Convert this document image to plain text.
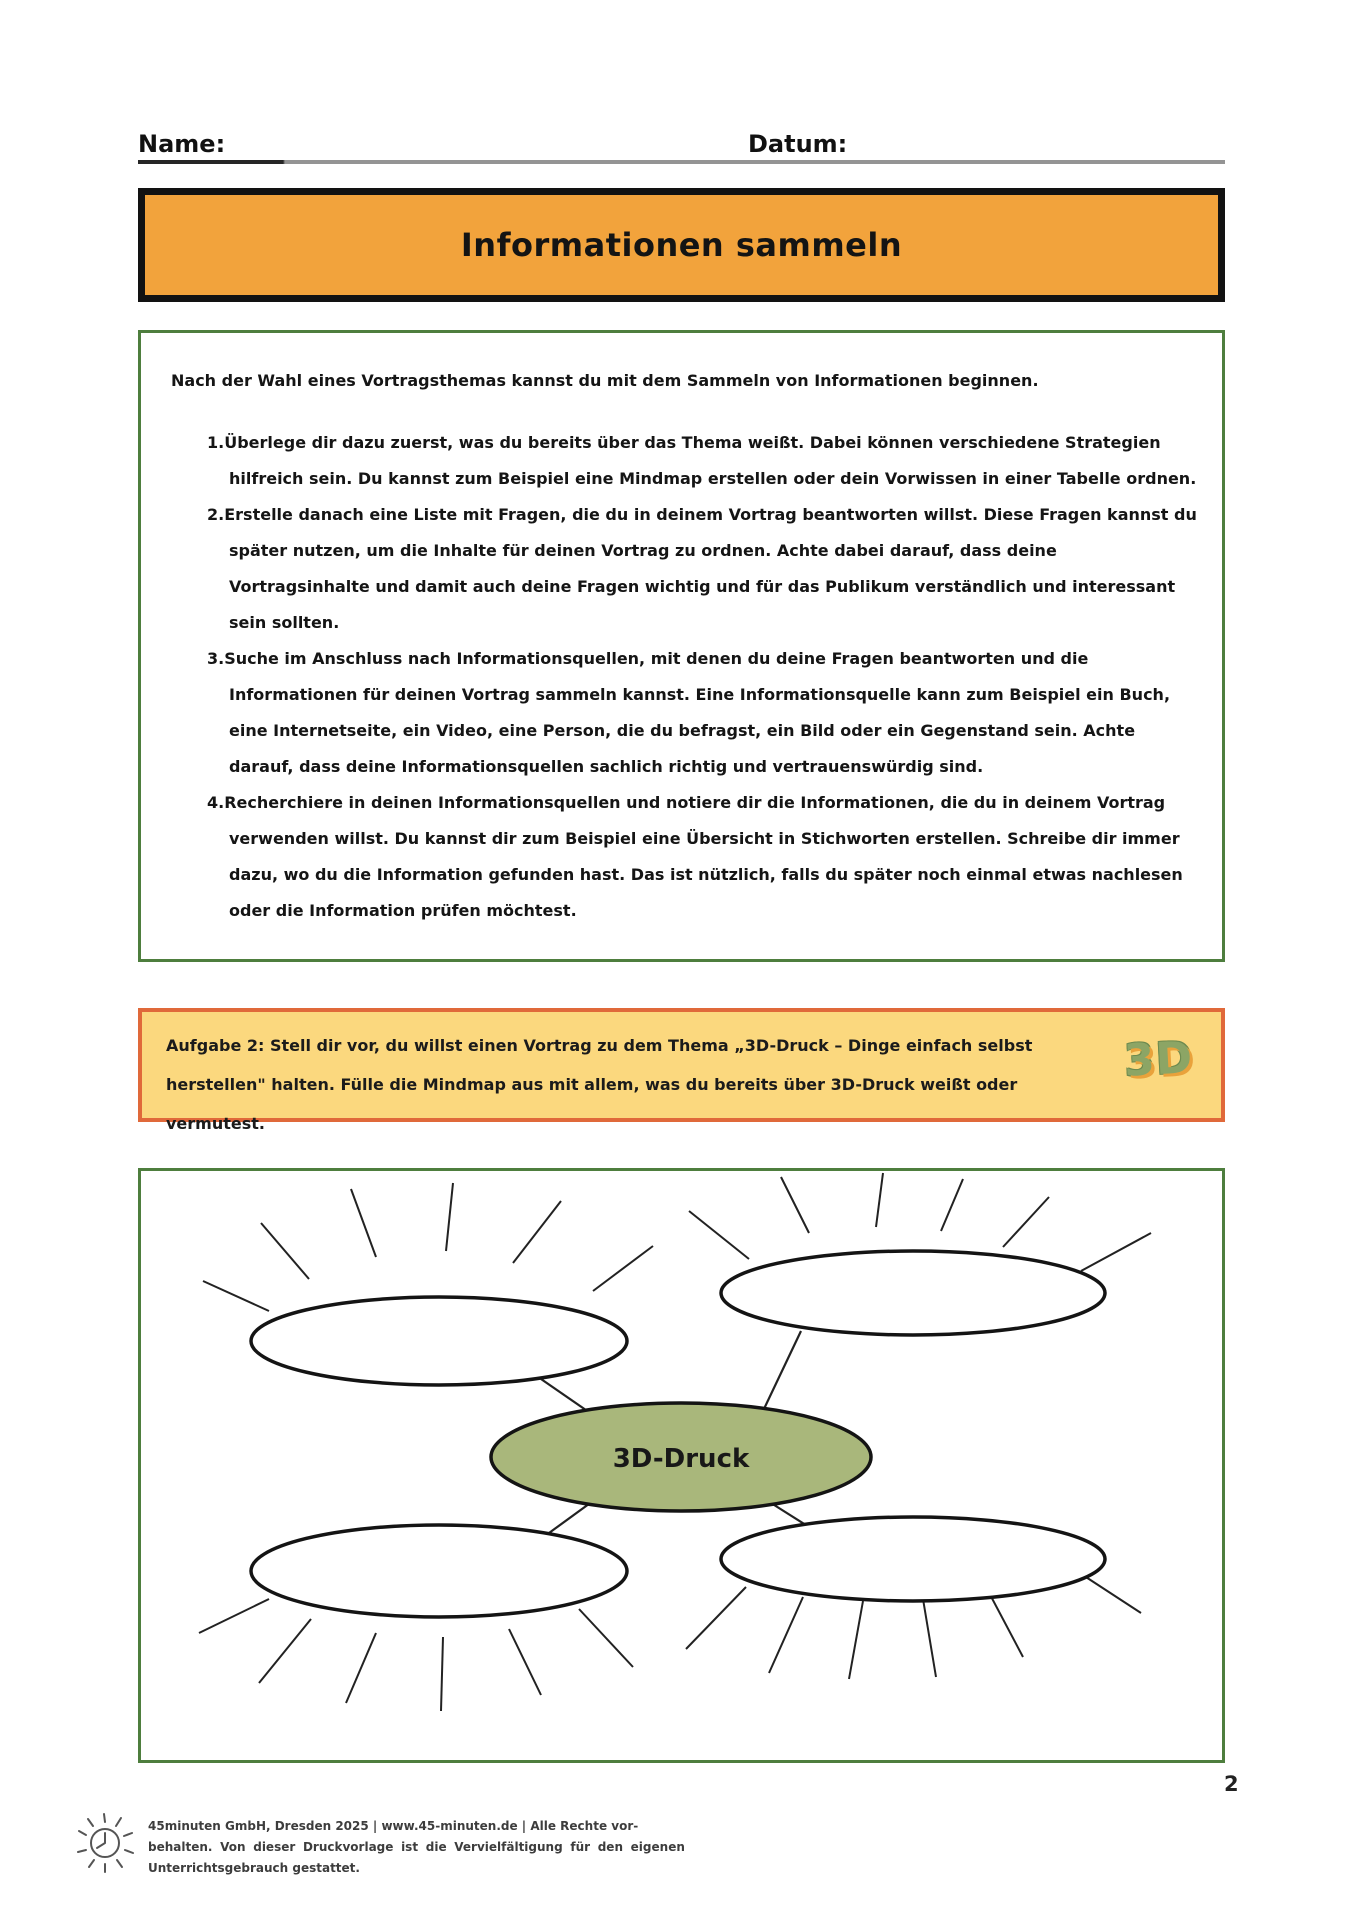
Name:	Datum:
Informationen sammeln

Nach der Wahl eines Vortragsthemas kannst du mit dem Sammeln von Informationen beginnen.

1.Überlege dir dazu zuerst, was du bereits über das Thema weißt. Dabei können verschiedene Strategien hilfreich sein. Du kannst zum Beispiel eine Mindmap erstellen oder dein Vorwissen in einer Tabelle ordnen.
2.Erstelle danach eine Liste mit Fragen, die du in deinem Vortrag beantworten willst. Diese Fragen kannst du später nutzen, um die Inhalte für deinen Vortrag zu ordnen. Achte dabei darauf, dass deine Vortragsinhalte und damit auch deine Fragen wichtig und für das Publikum verständlich und interessant sein sollten.
3.Suche im Anschluss nach Informationsquellen, mit denen du deine Fragen beantworten und die Informationen für deinen Vortrag sammeln kannst. Eine Informationsquelle kann zum Beispiel ein Buch, eine Internetseite, ein Video, eine Person, die du befragst, ein Bild oder ein Gegenstand sein. Achte darauf, dass deine Informationsquellen sachlich richtig und vertrauenswürdig sind.
4.Recherchiere in deinen Informationsquellen und notiere dir die Informationen, die du in deinem Vortrag verwenden willst. Du kannst dir zum Beispiel eine Übersicht in Stichworten erstellen. Schreibe dir immer dazu, wo du die Information gefunden hast. Das ist nützlich, falls du später noch einmal etwas nachlesen oder die Information prüfen möchtest.
Aufgabe 2: Stell dir vor, du willst einen Vortrag zu dem Thema „3D-Druck – Dinge einfach selbst herstellen" halten. Fülle die Mindmap aus mit allem, was du bereits über 3D-Druck weißt oder vermutest.
3D
3D-Druck
45minuten GmbH, Dresden 2025 | www.45-minuten.de | Alle Rechte vor-
behalten. Von dieser Druckvorlage ist die Vervielfältigung für den eigenen
Unterrichtsgebrauch gestattet.
2
